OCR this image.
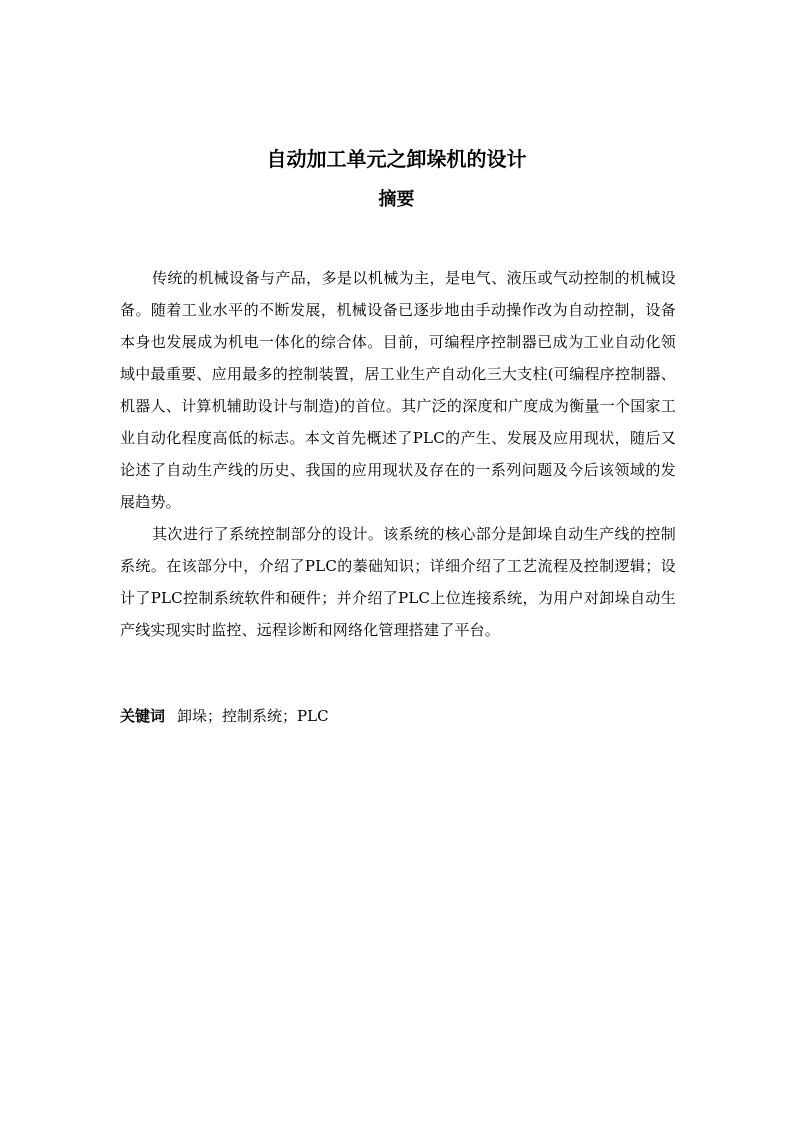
自动加工单元之卸垛机的设计
摘要

传统的机械设备与产品，多是以机械为主，是电气、液压或气动控制的机械设备。随着工业水平的不断发展，机械设备已逐步地由手动操作改为自动控制，设备本身也发展成为机电一体化的综合体。目前，可编程序控制器已成为工业自动化领域中最重要、应用最多的控制装置，居工业生产自动化三大支柱(可编程序控制器、机器人、计算机辅助设计与制造)的首位。其广泛的深度和广度成为衡量一个国家工业自动化程度高低的标志。本文首先概述了PLC的产生、发展及应用现状，随后又论述了自动生产线的历史、我国的应用现状及存在的一系列问题及今后该领域的发展趋势。

其次进行了系统控制部分的设计。该系统的核心部分是卸垛自动生产线的控制系统。在该部分中，介绍了PLC的蓁础知识；详细介绍了工艺流程及控制逻辑；设计了PLC控制系统软件和硬件；并介绍了PLC上位连接系统，为用户对卸垛自动生产线实现实时监控、远程诊断和网络化管理搭建了平台。

关键词 卸垛；控制系统；PLC
